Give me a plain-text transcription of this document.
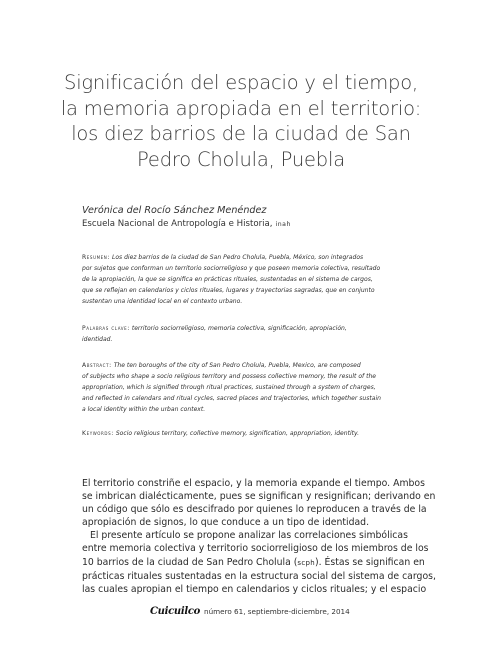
Significación del espacio y el tiempo,
la memoria apropiada en el territorio:
los diez barrios de la ciudad de San
Pedro Cholula, Puebla
Verónica del Rocío Sánchez Menéndez
Escuela Nacional de Antropología e Historia, inah

Resumen: Los diez barrios de la ciudad de San Pedro Cholula, Puebla, México, son integrados

por sujetos que conforman un territorio sociorreligioso y que poseen memoria colectiva, resultado

de la apropiación, la que se significa en prácticas rituales, sustentadas en el sistema de cargos,

que se reflejan en calendarios y ciclos rituales, lugares y trayectorias sagradas, que en conjunto

sustentan una identidad local en el contexto urbano.

Palabras clave: territorio sociorreligioso, memoria colectiva, significación, apropiación,

identidad.

Abstract: The ten boroughs of the city of San Pedro Cholula, Puebla, Mexico, are composed

of subjects who shape a socio religious territory and possess collective memory, the result of the

appropriation, which is signified through ritual practices, sustained through a system of charges,

and reflected in calendars and ritual cycles, sacred places and trajectories, which together sustain

a local identity within the urban context.

Keywords: Socio religious territory, collective memory, signification, appropriation, identity.

El territorio constriñe el espacio, y la memoria expande el tiempo. Ambos
se imbrican dialécticamente, pues se significan y resignifican; derivando en
un código que sólo es descifrado por quienes lo reproducen a través de la
apropiación de signos, lo que conduce a un tipo de identidad.
El presente artículo se propone analizar las correlaciones simbólicas
entre memoria colectiva y territorio sociorreligioso de los miembros de los
10 barrios de la ciudad de San Pedro Cholula (scph). Éstas se significan en
prácticas rituales sustentadas en la estructura social del sistema de cargos,
las cuales apropian el tiempo en calendarios y ciclos rituales; y el espacio
Cuicuilco número 61, septiembre-diciembre, 2014
